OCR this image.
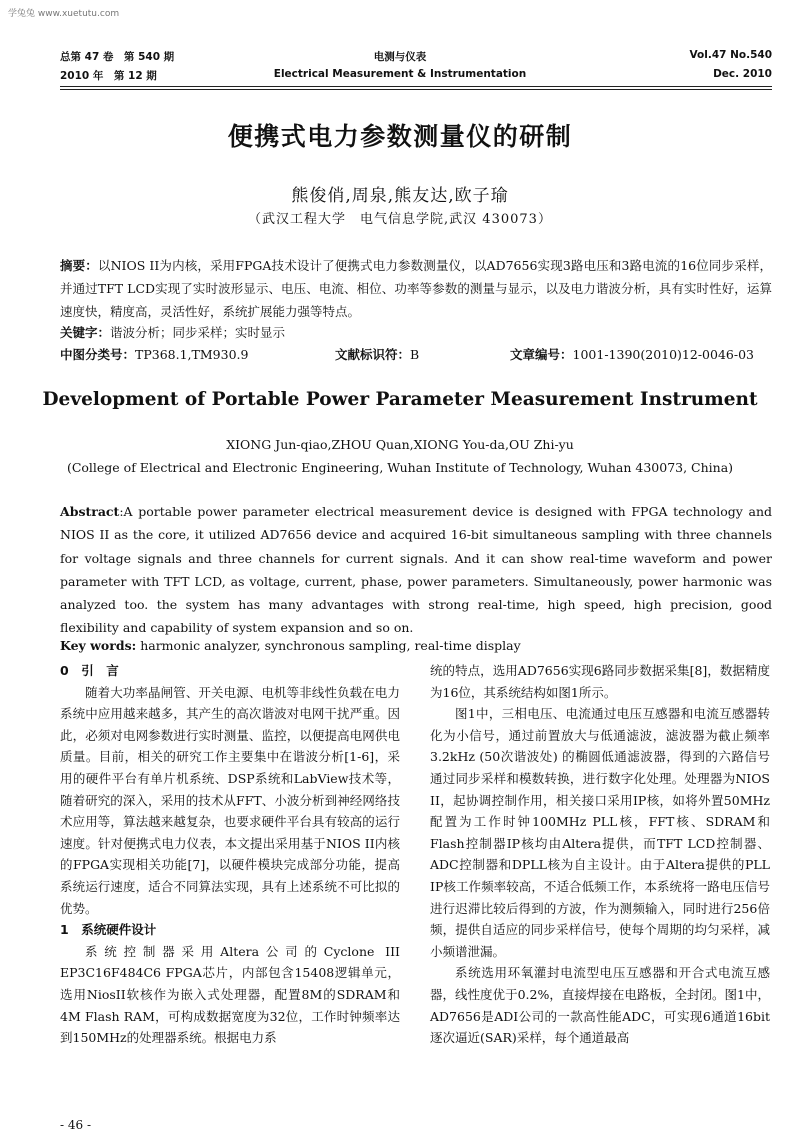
学兔兔 www.xuetutu.com
总第 47 卷　第 540 期
2010 年　第 12 期
电测与仪表
Electrical Measurement & Instrumentation
Vol.47 No.540
Dec. 2010
便携式电力参数测量仪的研制
熊俊俏,周泉,熊友达,欧子瑜
（武汉工程大学　电气信息学院,武汉 430073）
摘要：以NIOS II为内核，采用FPGA技术设计了便携式电力参数测量仪，以AD7656实现3路电压和3路电流的16位同步采样，并通过TFT LCD实现了实时波形显示、电压、电流、相位、功率等参数的测量与显示，以及电力谐波分析，具有实时性好，运算速度快，精度高，灵活性好，系统扩展能力强等特点。
关键字：谐波分析；同步采样；实时显示
中图分类号：TP368.1,TM930.9	文献标识符：B	文章编号：1001-1390(2010)12-0046-03
Development of Portable Power Parameter Measurement Instrument
XIONG Jun-qiao,ZHOU Quan,XIONG You-da,OU Zhi-yu
(College of Electrical and Electronic Engineering, Wuhan Institute of Technology, Wuhan 430073, China)
Abstract:A portable power parameter electrical measurement device is designed with FPGA technology and NIOS II as the core, it utilized AD7656 device and acquired 16-bit simultaneous sampling with three channels for voltage signals and three channels for current signals. And it can show real-time waveform and power parameter with TFT LCD, as voltage, current, phase, power parameters. Simultaneously, power harmonic was analyzed too. the system has many advantages with strong real-time, high speed, high precision, good flexibility and capability of system expansion and so on.
Key words: harmonic analyzer, synchronous sampling, real-time display
0　引　言

随着大功率晶闸管、开关电源、电机等非线性负载在电力系统中应用越来越多，其产生的高次谐波对电网干扰严重。因此，必须对电网参数进行实时测量、监控，以便提高电网供电质量。目前，相关的研究工作主要集中在谐波分析[1-6]，采用的硬件平台有单片机系统、DSP系统和LabView技术等，随着研究的深入，采用的技术从FFT、小波分析到神经网络技术应用等，算法越来越复杂，也要求硬件平台具有较高的运行速度。针对便携式电力仪表，本文提出采用基于NIOS II内核的FPGA实现相关功能[7]，以硬件模块完成部分功能，提高系统运行速度，适合不同算法实现，具有上述系统不可比拟的优势。

1　系统硬件设计

系统控制器采用Altera公司的Cyclone III EP3C16F484C6 FPGA芯片，内部包含15408逻辑单元，选用NiosII软核作为嵌入式处理器，配置8M的SDRAM和4M Flash RAM，可构成数据宽度为32位，工作时钟频率达到150MHz的处理器系统。根据电力系

统的特点，选用AD7656实现6路同步数据采集[8]，数据精度为16位，其系统结构如图1所示。

图1中，三相电压、电流通过电压互感器和电流互感器转化为小信号，通过前置放大与低通滤波，滤波器为截止频率3.2kHz (50次谐波处) 的椭圆低通滤波器，得到的六路信号通过同步采样和模数转换，进行数字化处理。处理器为NIOS II，起协调控制作用，相关接口采用IP核，如将外置50MHz配置为工作时钟100MHz PLL核，FFT核、SDRAM和Flash控制器IP核均由Altera提供，而TFT LCD控制器、ADC控制器和DPLL核为自主设计。由于Altera提供的PLL IP核工作频率较高，不适合低频工作，本系统将一路电压信号进行迟滞比较后得到的方波，作为测频输入，同时进行256倍频，提供自适应的同步采样信号，使每个周期的均匀采样，减小频谱泄漏。

系统选用环氧灌封电流型电压互感器和开合式电流互感器，线性度优于0.2%，直接焊接在电路板，全封闭。图1中，AD7656是ADI公司的一款高性能ADC，可实现6通道16bit逐次逼近(SAR)采样，每个通道最高

- 46 -
